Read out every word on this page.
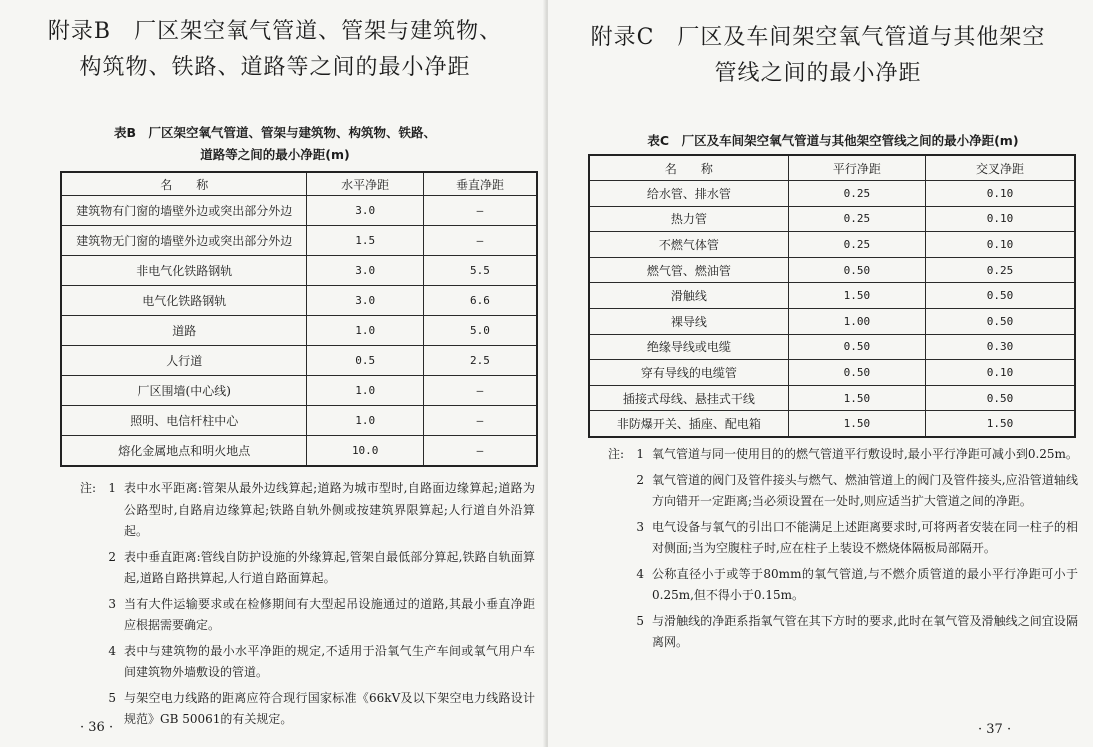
附录B　厂区架空氧气管道、管架与建筑物、
构筑物、铁路、道路等之间的最小净距
表B　厂区架空氧气管道、管架与建筑物、构筑物、铁路、
道路等之间的最小净距(m)
名　　称	水平净距	垂直净距
建筑物有门窗的墙壁外边或突出部分外边	3.0	—
建筑物无门窗的墙壁外边或突出部分外边	1.5	—
非电气化铁路钢轨	3.0	5.5
电气化铁路钢轨	3.0	6.6
道路	1.0	5.0
人行道	0.5	2.5
厂区围墙(中心线)	1.0	—
照明、电信杆柱中心	1.0	—
熔化金属地点和明火地点	10.0	—
注:	1 表中水平距离:管架从最外边线算起;道路为城市型时,自路面边缘算起;道路为公路型时,自路肩边缘算起;铁路自轨外侧或按建筑界限算起;人行道自外沿算起。
2 表中垂直距离:管线自防护设施的外缘算起,管架自最低部分算起,铁路自轨面算起,道路自路拱算起,人行道自路面算起。
3 当有大件运输要求或在检修期间有大型起吊设施通过的道路,其最小垂直净距应根据需要确定。
4 表中与建筑物的最小水平净距的规定,不适用于沿氧气生产车间或氧气用户车间建筑物外墙敷设的管道。
5 与架空电力线路的距离应符合现行国家标准《66kV及以下架空电力线路设计规范》GB 50061的有关规定。
· 36 ·
附录C　厂区及车间架空氧气管道与其他架空
管线之间的最小净距
表C　厂区及车间架空氧气管道与其他架空管线之间的最小净距(m)
名　　称	平行净距	交叉净距
给水管、排水管	0.25	0.10
热力管	0.25	0.10
不燃气体管	0.25	0.10
燃气管、燃油管	0.50	0.25
滑触线	1.50	0.50
裸导线	1.00	0.50
绝缘导线或电缆	0.50	0.30
穿有导线的电缆管	0.50	0.10
插接式母线、悬挂式干线	1.50	0.50
非防爆开关、插座、配电箱	1.50	1.50
注:	1 氧气管道与同一使用目的的燃气管道平行敷设时,最小平行净距可减小到0.25m。
2 氧气管道的阀门及管件接头与燃气、燃油管道上的阀门及管件接头,应沿管道轴线方向错开一定距离;当必须设置在一处时,则应适当扩大管道之间的净距。
3 电气设备与氧气的引出口不能满足上述距离要求时,可将两者安装在同一柱子的相对侧面;当为空腹柱子时,应在柱子上装设不燃烧体隔板局部隔开。
4 公称直径小于或等于80mm的氧气管道,与不燃介质管道的最小平行净距可小于0.25m,但不得小于0.15m。
5 与滑触线的净距系指氧气管在其下方时的要求,此时在氧气管及滑触线之间宜设隔离网。
· 37 ·
